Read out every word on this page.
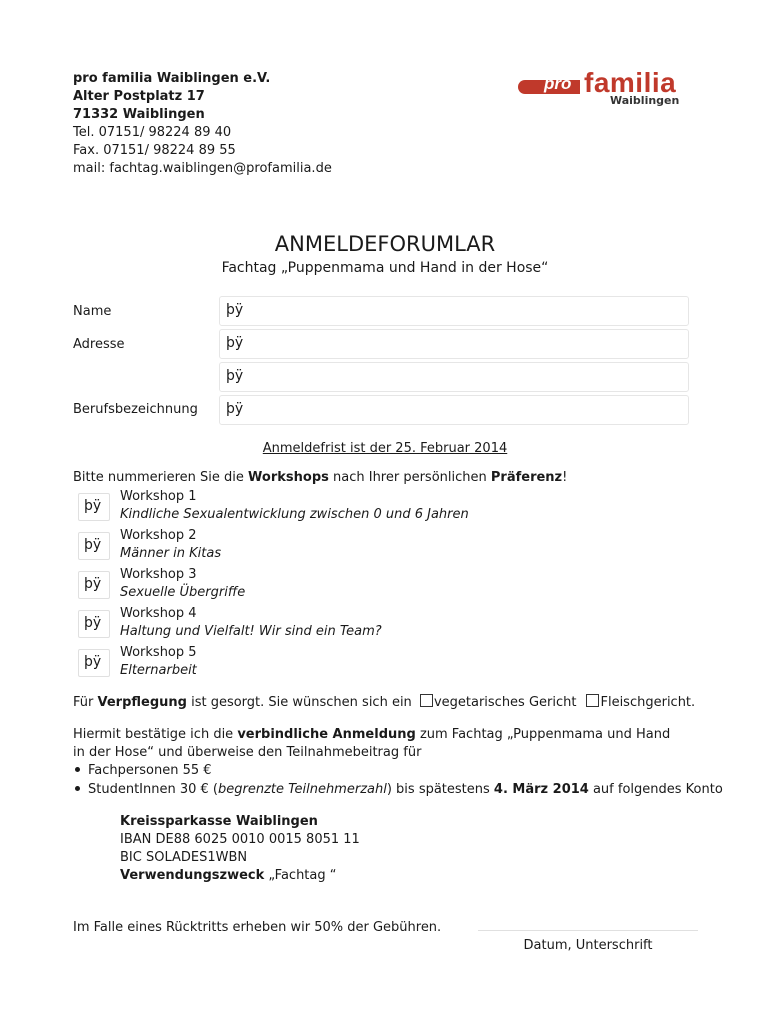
pro familia Waiblingen e.V.
Alter Postplatz 17
71332 Waiblingen
Tel. 07151/ 98224 89 40
Fax. 07151/ 98224 89 55
mail: fachtag.waiblingen@profamilia.de
pro familia
Waiblingen
ANMELDEFORUMLAR
Fachtag „Puppenmama und Hand in der Hose“
Name	þÿ
Adresse	þÿ
þÿ
Berufsbezeichnung þÿ
Anmeldefrist ist der 25. Februar 2014
Bitte nummerieren Sie die Workshops nach Ihrer persönlichen Präferenz!
þÿ
Workshop 1
Kindliche Sexualentwicklung zwischen 0 und 6 Jahren
þÿ
Workshop 2
Männer in Kitas
þÿ
Workshop 3
Sexuelle Übergriffe
þÿ
Workshop 4
Haltung und Vielfalt! Wir sind ein Team?
þÿ
Workshop 5
Elternarbeit
Für Verpflegung ist gesorgt. Sie wünschen sich ein vegetarisches Gericht Fleischgericht.
Hiermit bestätige ich die verbindliche Anmeldung zum Fachtag „Puppenmama und Hand in der Hose“ und überweise den Teilnahmebeitrag für
Fachpersonen 55 €
StudentInnen 30 € (begrenzte Teilnehmerzahl) bis spätestens 4. März 2014 auf folgendes Konto
Kreissparkasse Waiblingen
IBAN DE88 6025 0010 0015 8051 11
BIC SOLADES1WBN
Verwendungszweck „Fachtag “
Im Falle eines Rücktritts erheben wir 50% der Gebühren.
Datum, Unterschrift
